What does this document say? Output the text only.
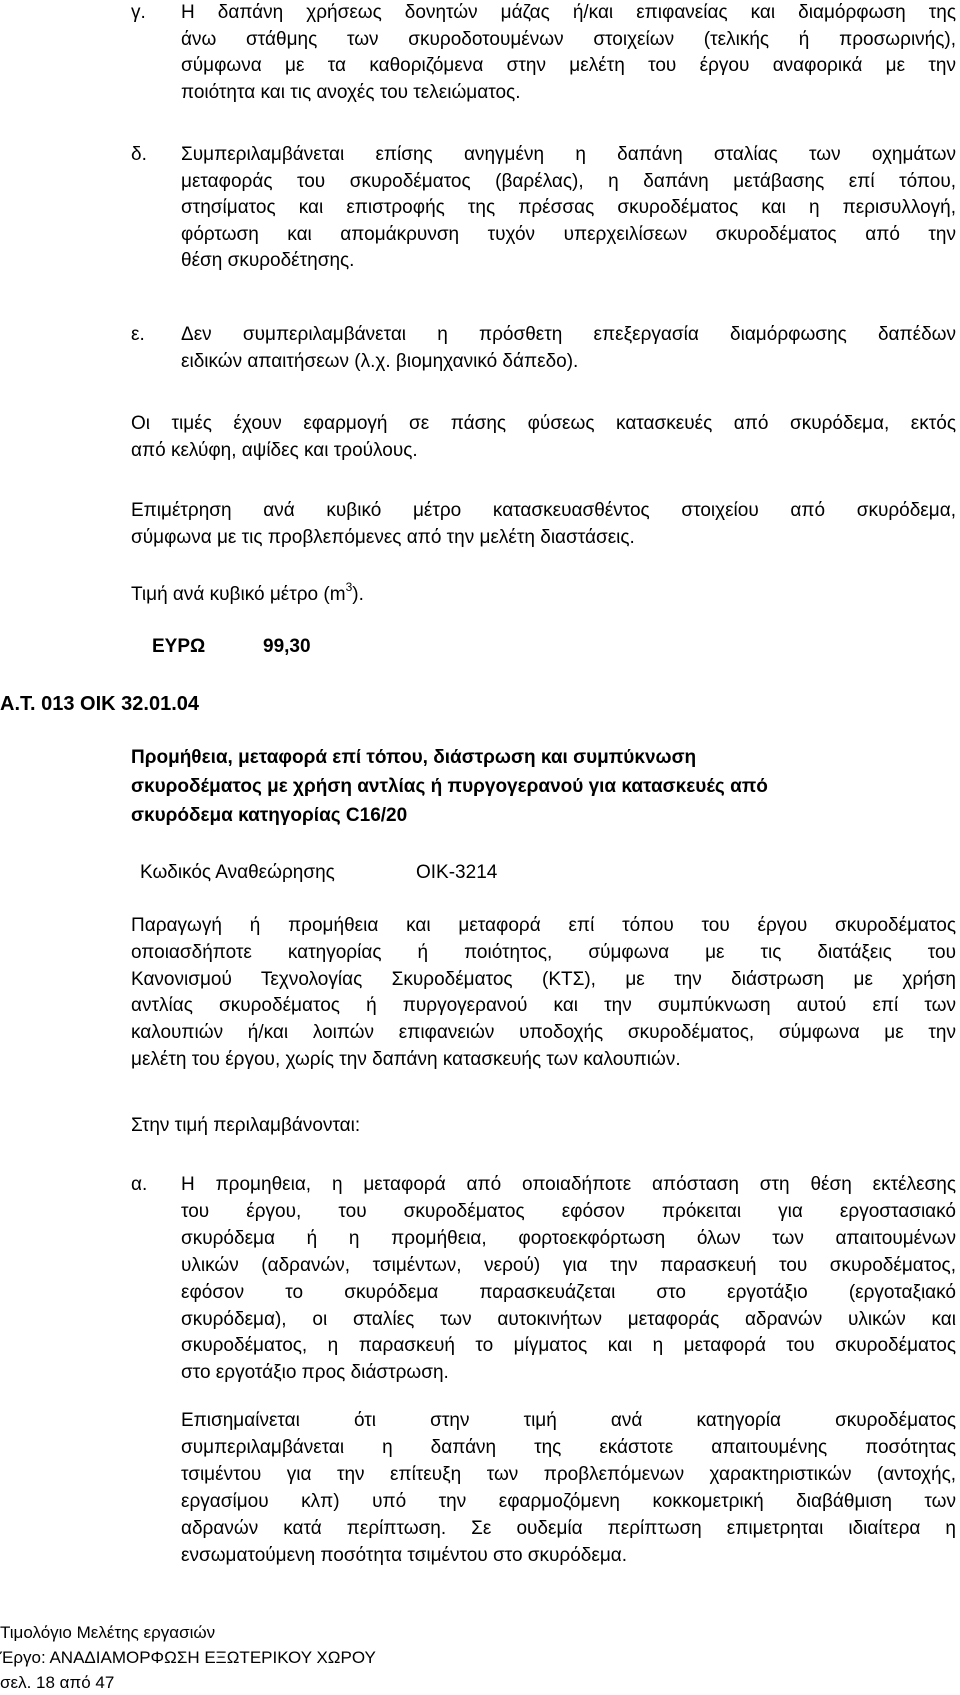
γ. Η δαπάνη χρήσεως δονητών μάζας ή/και επιφανείας και διαμόρφωση της
άνω στάθμης των σκυροδοτουμένων στοιχείων (τελικής ή προσωρινής),
σύμφωνα με τα καθοριζόμενα στην μελέτη του έργου αναφορικά με την
ποιότητα και τις ανοχές του τελειώματος.
δ. Συμπεριλαμβάνεται επίσης ανηγμένη η δαπάνη σταλίας των οχημάτων
μεταφοράς του σκυροδέματος (βαρέλας), η δαπάνη μετάβασης επί τόπου,
στησίματος και επιστροφής της πρέσσας σκυροδέματος και η περισυλλογή,
φόρτωση και απομάκρυνση τυχόν υπερχειλίσεων σκυροδέματος από την
θέση σκυροδέτησης.
ε. Δεν συμπεριλαμβάνεται η πρόσθετη επεξεργασία διαμόρφωσης δαπέδων
ειδικών απαιτήσεων (λ.χ. βιομηχανικό δάπεδο).
Οι τιμές έχουν εφαρμογή σε πάσης φύσεως κατασκευές από σκυρόδεμα, εκτός
από κελύφη, αψίδες και τρούλους.
Επιμέτρηση ανά κυβικό μέτρο κατασκευασθέντος στοιχείου από σκυρόδεμα,
σύμφωνα με τις προβλεπόμενες από την μελέτη διαστάσεις.
Τιμή ανά κυβικό μέτρο $(m^3)$.
ΕΥΡΩ	99,30
Α.Τ. 013 ΟΙΚ 32.01.04
Προμήθεια, μεταφορά επί τόπου, διάστρωση και συμπύκνωση
σκυροδέματος με χρήση αντλίας ή πυργογερανού για κατασκευές από
σκυρόδεμα κατηγορίας C16/20
Κωδικός Αναθεώρησης	ΟΙΚ-3214
Παραγωγή ή προμήθεια και μεταφορά επί τόπου του έργου σκυροδέματος
οποιασδήποτε κατηγορίας ή ποιότητος, σύμφωνα με τις διατάξεις του
Κανονισμού Τεχνολογίας Σκυροδέματος (ΚΤΣ), με την διάστρωση με χρήση
αντλίας σκυροδέματος ή πυργογερανού και την συμπύκνωση αυτού επί των
καλουπιών ή/και λοιπών επιφανειών υποδοχής σκυροδέματος, σύμφωνα με την
μελέτη του έργου, χωρίς την δαπάνη κατασκευής των καλουπιών.
Στην τιμή περιλαμβάνονται:
α. Η προμηθεια, η μεταφορά από οποιαδήποτε απόσταση στη θέση εκτέλεσης
του έργου, του σκυροδέματος εφόσον πρόκειται για εργοστασιακό
σκυρόδεμα ή η προμήθεια, φορτοεκφόρτωση όλων των απαιτουμένων
υλικών (αδρανών, τσιμέντων, νερού) για την παρασκευή του σκυροδέματος,
εφόσον το σκυρόδεμα παρασκευάζεται στο εργοτάξιο (εργοταξιακό
σκυρόδεμα), οι σταλίες των αυτοκινήτων μεταφοράς αδρανών υλικών και
σκυροδέματος, η παρασκευή το μίγματος και η μεταφορά του σκυροδέματος
στο εργοτάξιο προς διάστρωση.
Επισημαίνεται ότι στην τιμή ανά κατηγορία σκυροδέματος
συμπεριλαμβάνεται η δαπάνη της εκάστοτε απαιτουμένης ποσότητας
τσιμέντου για την επίτευξη των προβλεπόμενων χαρακτηριστικών (αντοχής,
εργασίμου κλπ) υπό την εφαρμοζόμενη κοκκομετρική διαβάθμιση των
αδρανών κατά περίπτωση. Σε ουδεμία περίπτωση επιμετρηται ιδιαίτερα η
ενσωματούμενη ποσότητα τσιμέντου στο σκυρόδεμα.
Τιμολόγιο Μελέτης εργασιών
Έργο: ΑΝΑΔΙΑΜΟΡΦΩΣΗ ΕΞΩΤΕΡΙΚΟΥ ΧΩΡΟΥ
σελ. 18 από 47
